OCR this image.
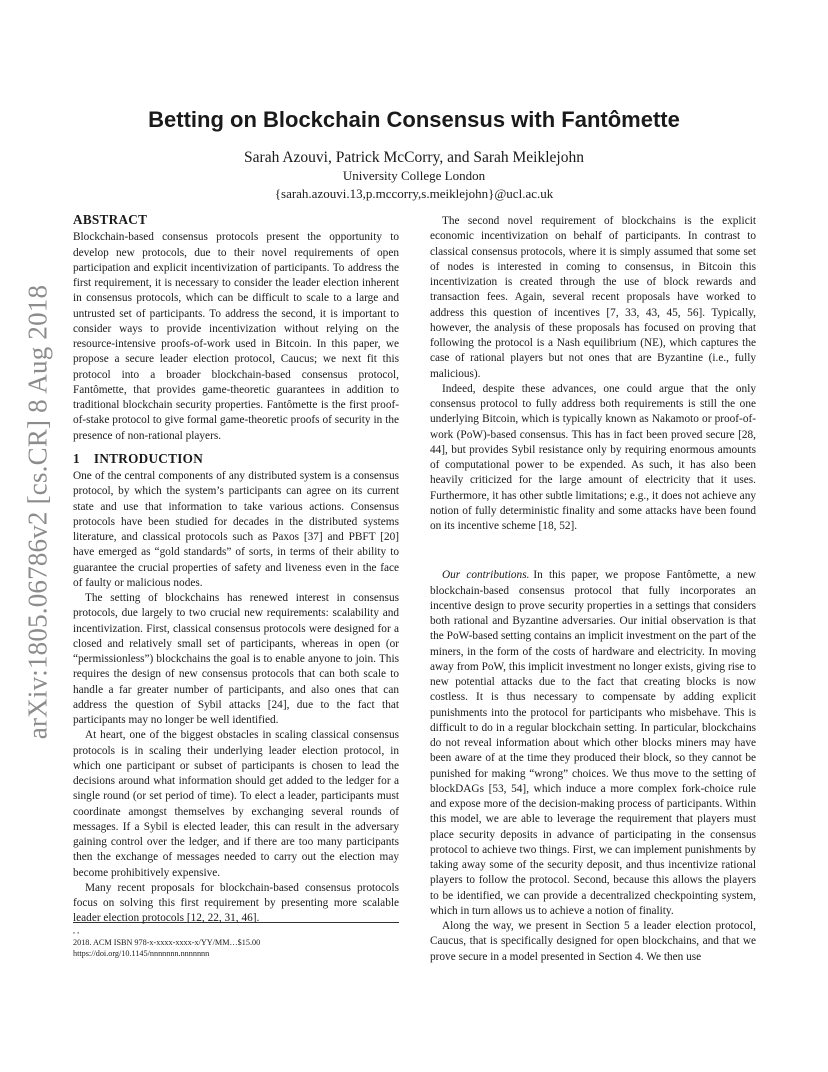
arXiv:1805.06786v2 [cs.CR] 8 Aug 2018
Betting on Blockchain Consensus with Fantômette

Sarah Azouvi, Patrick McCorry, and Sarah Meiklejohn

University College London

{sarah.azouvi.13,p.mccorry,s.meiklejohn}@ucl.ac.uk

ABSTRACT

Blockchain-based consensus protocols present the opportunity to develop new protocols, due to their novel requirements of open participation and explicit incentivization of participants. To address the first requirement, it is necessary to consider the leader election inherent in consensus protocols, which can be difficult to scale to a large and untrusted set of participants. To address the second, it is important to consider ways to provide incentivization without relying on the resource-intensive proofs-of-work used in Bitcoin. In this paper, we propose a secure leader election protocol, Caucus; we next fit this protocol into a broader blockchain-based consensus protocol, Fantômette, that provides game-theoretic guarantees in addition to traditional blockchain security properties. Fantômette is the first proof-of-stake protocol to give formal game-theoretic proofs of security in the presence of non-rational players.

1 INTRODUCTION

One of the central components of any distributed system is a consensus protocol, by which the system’s participants can agree on its current state and use that information to take various actions. Consensus protocols have been studied for decades in the distributed systems literature, and classical protocols such as Paxos [37] and PBFT [20] have emerged as “gold standards” of sorts, in terms of their ability to guarantee the crucial properties of safety and liveness even in the face of faulty or malicious nodes.

The setting of blockchains has renewed interest in consensus protocols, due largely to two crucial new requirements: scalability and incentivization. First, classical consensus protocols were designed for a closed and relatively small set of participants, whereas in open (or “permissionless”) blockchains the goal is to enable anyone to join. This requires the design of new consensus protocols that can both scale to handle a far greater number of participants, and also ones that can address the question of Sybil attacks [24], due to the fact that participants may no longer be well identified.

At heart, one of the biggest obstacles in scaling classical consensus protocols is in scaling their underlying leader election protocol, in which one participant or subset of participants is chosen to lead the decisions around what information should get added to the ledger for a single round (or set period of time). To elect a leader, participants must coordinate amongst themselves by exchanging several rounds of messages. If a Sybil is elected leader, this can result in the adversary gaining control over the ledger, and if there are too many participants then the exchange of messages needed to carry out the election may become prohibitively expensive.

Many recent proposals for blockchain-based consensus protocols focus on solving this first requirement by presenting more scalable leader election protocols [12, 22, 31, 46].

The second novel requirement of blockchains is the explicit economic incentivization on behalf of participants. In contrast to classical consensus protocols, where it is simply assumed that some set of nodes is interested in coming to consensus, in Bitcoin this incentivization is created through the use of block rewards and transaction fees. Again, several recent proposals have worked to address this question of incentives [7, 33, 43, 45, 56]. Typically, however, the analysis of these proposals has focused on proving that following the protocol is a Nash equilibrium (NE), which captures the case of rational players but not ones that are Byzantine (i.e., fully malicious).

Indeed, despite these advances, one could argue that the only consensus protocol to fully address both requirements is still the one underlying Bitcoin, which is typically known as Nakamoto or proof-of-work (PoW)-based consensus. This has in fact been proved secure [28, 44], but provides Sybil resistance only by requiring enormous amounts of computational power to be expended. As such, it has also been heavily criticized for the large amount of electricity that it uses. Furthermore, it has other subtle limitations; e.g., it does not achieve any notion of fully deterministic finality and some attacks have been found on its incentive scheme [18, 52].

Our contributions. In this paper, we propose Fantômette, a new blockchain-based consensus protocol that fully incorporates an incentive design to prove security properties in a settings that considers both rational and Byzantine adversaries. Our initial observation is that the PoW-based setting contains an implicit investment on the part of the miners, in the form of the costs of hardware and electricity. In moving away from PoW, this implicit investment no longer exists, giving rise to new potential attacks due to the fact that creating blocks is now costless. It is thus necessary to compensate by adding explicit punishments into the protocol for participants who misbehave. This is difficult to do in a regular blockchain setting. In particular, blockchains do not reveal information about which other blocks miners may have been aware of at the time they produced their block, so they cannot be punished for making “wrong” choices. We thus move to the setting of blockDAGs [53, 54], which induce a more complex fork-choice rule and expose more of the decision-making process of participants. Within this model, we are able to leverage the requirement that players must place security deposits in advance of participating in the consensus protocol to achieve two things. First, we can implement punishments by taking away some of the security deposit, and thus incentivize rational players to follow the protocol. Second, because this allows the players to be identified, we can provide a decentralized checkpointing system, which in turn allows us to achieve a notion of finality.

Along the way, we present in Section 5 a leader election protocol, Caucus, that is specifically designed for open blockchains, and that we prove secure in a model presented in Section 4. We then use

, ,

2018. ACM ISBN 978-x-xxxx-xxxx-x/YY/MM…$15.00

https://doi.org/10.1145/nnnnnnn.nnnnnnn
